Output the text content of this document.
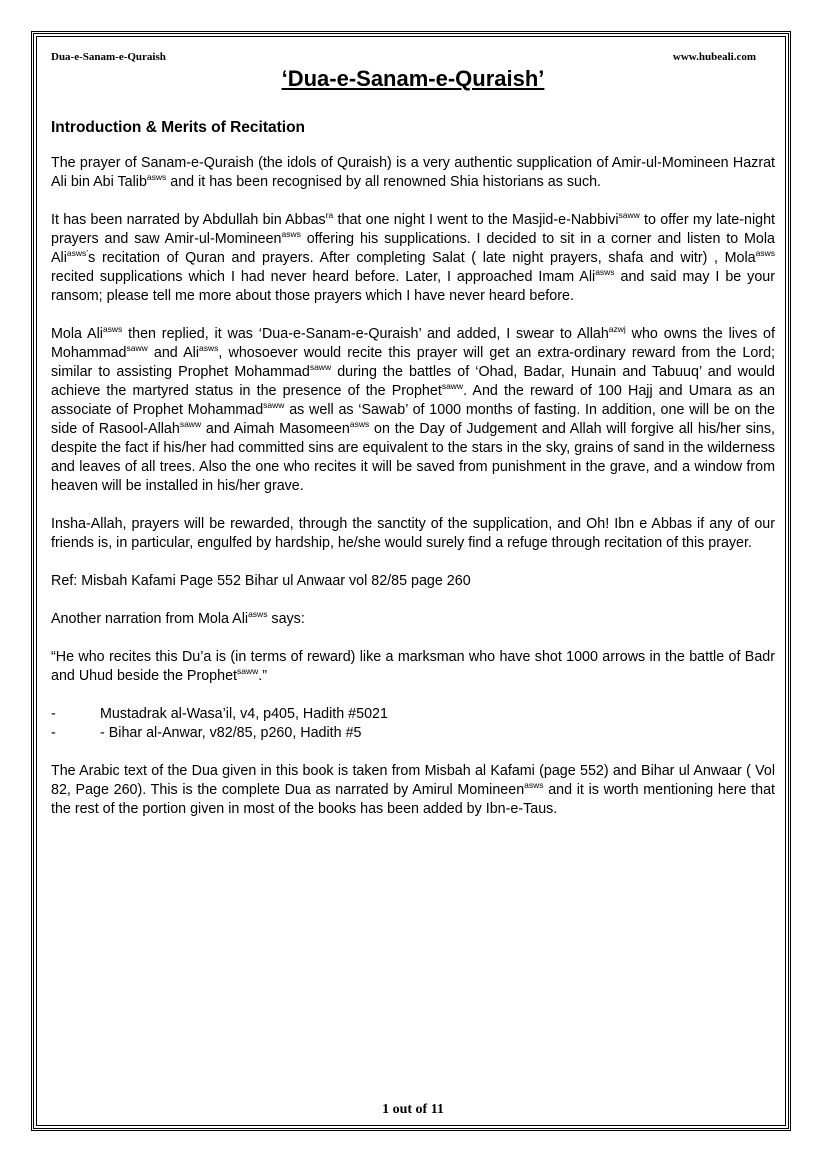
Dua-e-Sanam-e-Quraish	www.hubeali.com
‘Dua-e-Sanam-e-Quraish’
Introduction & Merits of Recitation

The prayer of Sanam-e-Quraish (the idols of Quraish) is a very authentic supplication of Amir-ul-Momineen Hazrat Ali bin Abi Talib$^{asws}$ and it has been recognised by all renowned Shia historians as such.

It has been narrated by Abdullah bin Abbas$^{ra}$ that one night I went to the Masjid-e-Nabbivi$^{saww}$ to offer my late-night prayers and saw Amir-ul-Momineen$^{asws}$ offering his supplications. I decided to sit in a corner and listen to Mola Ali$^{asws’}$s recitation of Quran and prayers. After completing Salat ( late night prayers, shafa and witr) , Mola$^{asws}$ recited supplications which I had never heard before. Later, I approached Imam Ali$^{asws}$ and said may I be your ransom; please tell me more about those prayers which I have never heard before.

Mola Ali$^{asws}$ then replied, it was ‘Dua-e-Sanam-e-Quraish’ and added, I swear to Allah$^{azwj}$ who owns the lives of Mohammad$^{saww}$ and Ali$^{asws}$, whosoever would recite this prayer will get an extra-ordinary reward from the Lord; similar to assisting Prophet Mohammad$^{saww}$ during the battles of ‘Ohad, Badar, Hunain and Tabuuq’ and would achieve the martyred status in the presence of the Prophet$^{saww}$. And the reward of 100 Hajj and Umara as an associate of Prophet Mohammad$^{saww}$ as well as ‘Sawab’ of 1000 months of fasting. In addition, one will be on the side of Rasool-Allah$^{saww}$ and Aimah Masomeen$^{asws}$ on the Day of Judgement and Allah will forgive all his/her sins, despite the fact if his/her had committed sins are equivalent to the stars in the sky, grains of sand in the wilderness and leaves of all trees. Also the one who recites it will be saved from punishment in the grave, and a window from heaven will be installed in his/her grave.

Insha-Allah, prayers will be rewarded, through the sanctity of the supplication, and Oh! Ibn e Abbas if any of our friends is, in particular, engulfed by hardship, he/she would surely find a refuge through recitation of this prayer.

Ref: Misbah Kafami Page 552 Bihar ul Anwaar vol 82/85 page 260

Another narration from Mola Ali$^{asws}$ says:

“He who recites this Du’a is (in terms of reward) like a marksman who have shot 1000 arrows in the battle of Badr and Uhud beside the Prophet$^{saww}$.”

-	Mustadrak al-Wasa’il, v4, p405, Hadith #5021
-	- Bihar al-Anwar, v82/85, p260, Hadith #5

The Arabic text of the Dua given in this book is taken from Misbah al Kafami (page 552) and Bihar ul Anwaar ( Vol 82, Page 260). This is the complete Dua as narrated by Amirul Momineen$^{asws}$ and it is worth mentioning here that the rest of the portion given in most of the books has been added by Ibn-e-Taus.

1 out of 11
